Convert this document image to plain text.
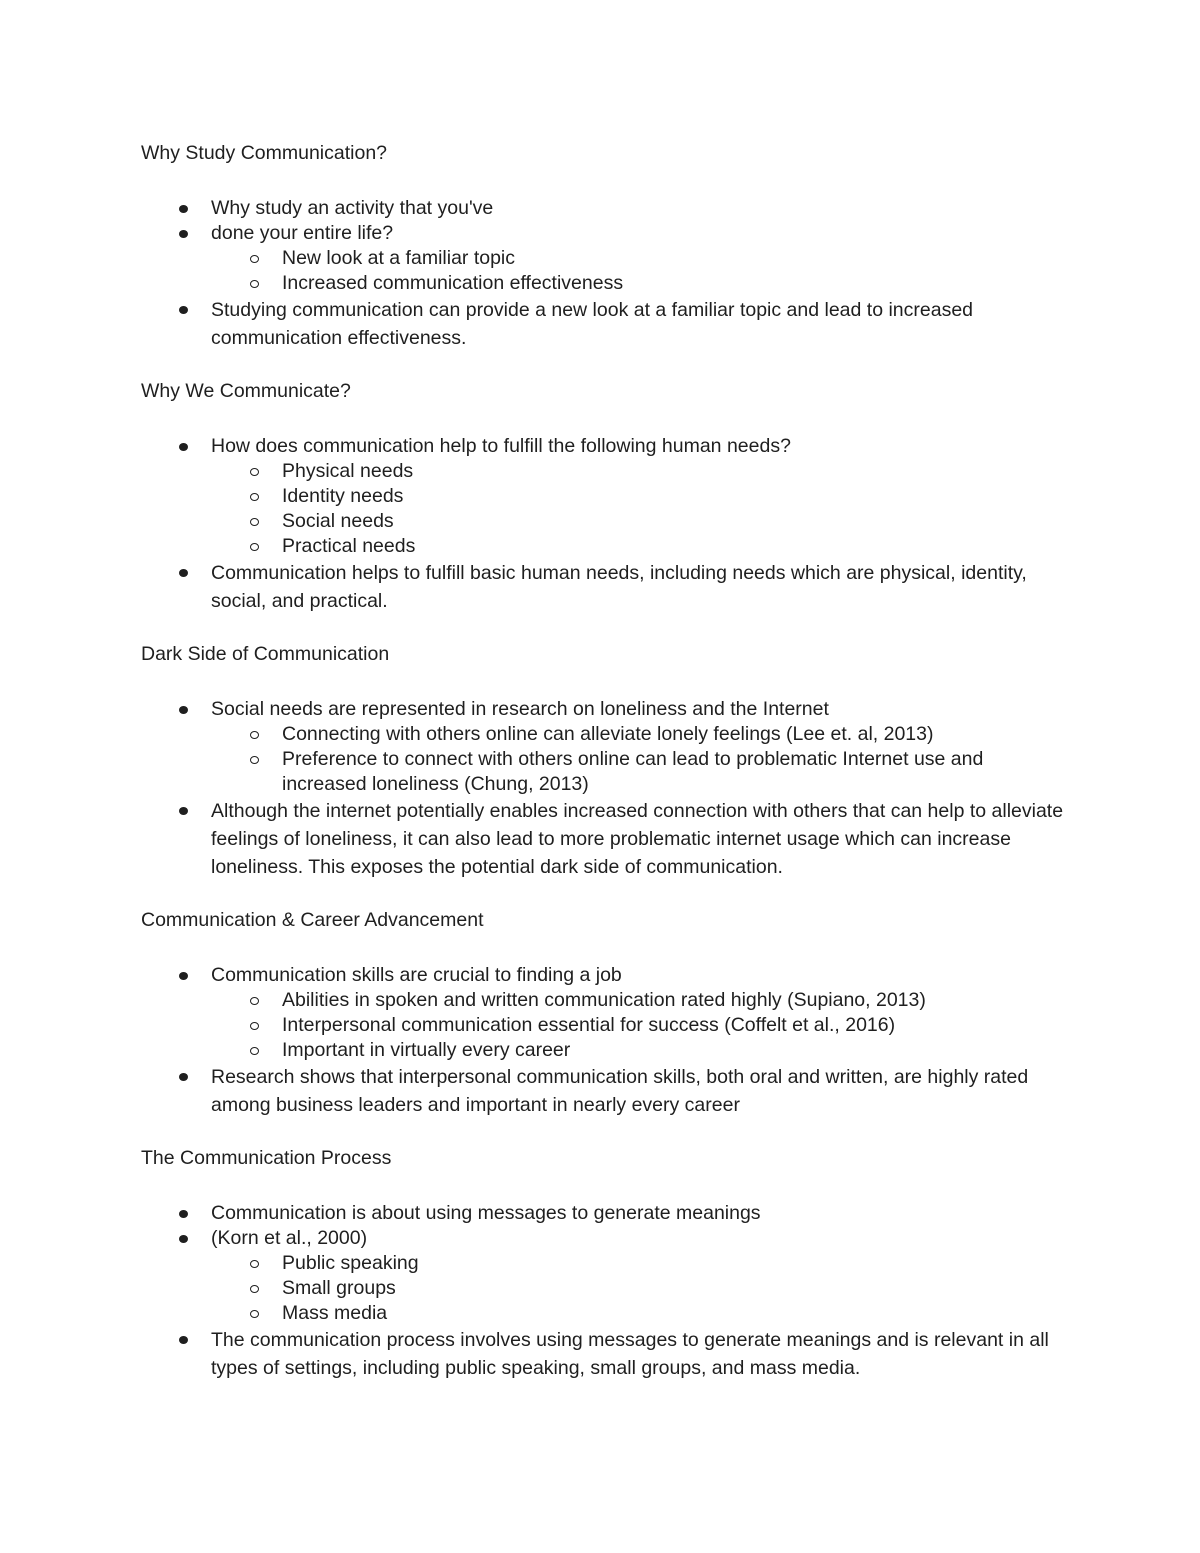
Why Study Communication?
Why study an activity that you've
done your entire life?
New look at a familiar topic
Increased communication effectiveness
Studying communication can provide a new look at a familiar topic and lead to increased communication effectiveness.
Why We Communicate?
How does communication help to fulfill the following human needs?
Physical needs
Identity needs
Social needs
Practical needs
Communication helps to fulfill basic human needs, including needs which are physical, identity, social, and practical.
Dark Side of Communication
Social needs are represented in research on loneliness and the Internet
Connecting with others online can alleviate lonely feelings (Lee et. al, 2013)
Preference to connect with others online can lead to problematic Internet use and increased loneliness (Chung, 2013)
Although the internet potentially enables increased connection with others that can help to alleviate feelings of loneliness, it can also lead to more problematic internet usage which can increase loneliness. This exposes the potential dark side of communication.
Communication & Career Advancement
Communication skills are crucial to finding a job
Abilities in spoken and written communication rated highly (Supiano, 2013)
Interpersonal communication essential for success (Coffelt et al., 2016)
Important in virtually every career
Research shows that interpersonal communication skills, both oral and written, are highly rated among business leaders and important in nearly every career
The Communication Process
Communication is about using messages to generate meanings
(Korn et al., 2000)
Public speaking
Small groups
Mass media
The communication process involves using messages to generate meanings and is relevant in all types of settings, including public speaking, small groups, and mass media.
